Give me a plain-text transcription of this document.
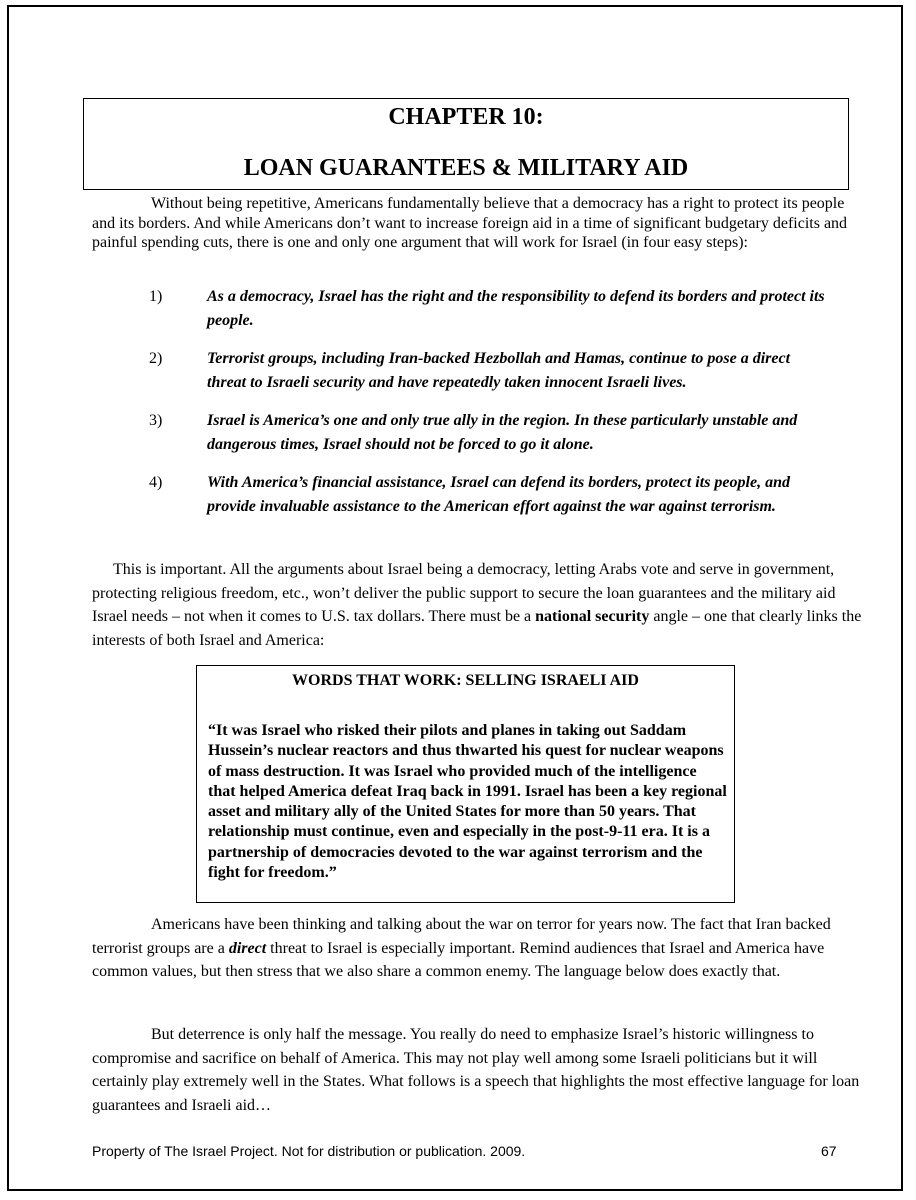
CHAPTER 10:
LOAN GUARANTEES & MILITARY AID

Without being repetitive, Americans fundamentally believe that a democracy has a right to protect its people and its borders. And while Americans don’t want to increase foreign aid in a time of significant budgetary deficits and painful spending cuts, there is one and only one argument that will work for Israel (in four easy steps):

1)	As a democracy, Israel has the right and the responsibility to defend its borders and protect its people.
2)	Terrorist groups, including Iran-backed Hezbollah and Hamas, continue to pose a direct threat to Israeli security and have repeatedly taken innocent Israeli lives.
3)	Israel is America’s one and only true ally in the region. In these particularly unstable and dangerous times, Israel should not be forced to go it alone.
4)	With America’s financial assistance, Israel can defend its borders, protect its people, and provide invaluable assistance to the American effort against the war against terrorism.

This is important. All the arguments about Israel being a democracy, letting Arabs vote and serve in government, protecting religious freedom, etc., won’t deliver the public support to secure the loan guarantees and the military aid Israel needs – not when it comes to U.S. tax dollars. There must be a national security angle – one that clearly links the interests of both Israel and America:

WORDS THAT WORK: SELLING ISRAELI AID

“It was Israel who risked their pilots and planes in taking out Saddam Hussein’s nuclear reactors and thus thwarted his quest for nuclear weapons of mass destruction. It was Israel who provided much of the intelligence that helped America defeat Iraq back in 1991. Israel has been a key regional asset and military ally of the United States for more than 50 years. That relationship must continue, even and especially in the post-9-11 era. It is a partnership of democracies devoted to the war against terrorism and the fight for freedom.”

Americans have been thinking and talking about the war on terror for years now. The fact that Iran backed terrorist groups are a direct threat to Israel is especially important. Remind audiences that Israel and America have common values, but then stress that we also share a common enemy. The language below does exactly that.

But deterrence is only half the message. You really do need to emphasize Israel’s historic willingness to compromise and sacrifice on behalf of America. This may not play well among some Israeli politicians but it will certainly play extremely well in the States. What follows is a speech that highlights the most effective language for loan guarantees and Israeli aid…

Property of The Israel Project. Not for distribution or publication. 2009.	67
